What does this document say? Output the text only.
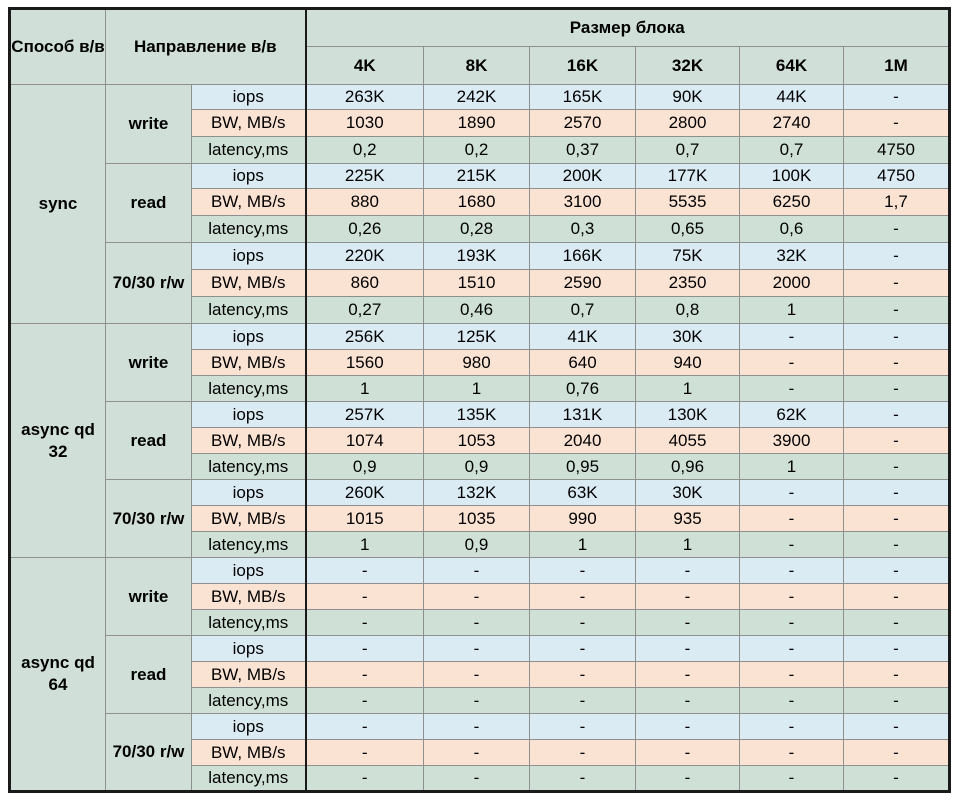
Способ в/в	Направление в/в		Размер блока					
			4K	8K	16K	32K	64K	1M
sync	write	iops	263K	242K	165K	90K	44K	-
		BW, MB/s	1030	1890	2570	2800	2740	-
		latency,ms	0,2	0,2	0,37	0,7	0,7	4750
	read	iops	225K	215K	200K	177K	100K	4750
		BW, MB/s	880	1680	3100	5535	6250	1,7
		latency,ms	0,26	0,28	0,3	0,65	0,6	-
	70/30 r/w	iops	220K	193K	166K	75K	32K	-
		BW, MB/s	860	1510	2590	2350	2000	-
		latency,ms	0,27	0,46	0,7	0,8	1	-
async qd 32	write	iops	256K	125K	41K	30K	-	-
		BW, MB/s	1560	980	640	940	-	-
		latency,ms	1	1	0,76	1	-	-
	read	iops	257K	135K	131K	130K	62K	-
		BW, MB/s	1074	1053	2040	4055	3900	-
		latency,ms	0,9	0,9	0,95	0,96	1	-
	70/30 r/w	iops	260K	132K	63K	30K	-	-
		BW, MB/s	1015	1035	990	935	-	-
		latency,ms	1	0,9	1	1	-	-
async qd 64	write	iops	-	-	-	-	-	-
		BW, MB/s	-	-	-	-	-	-
		latency,ms	-	-	-	-	-	-
	read	iops	-	-	-	-	-	-
		BW, MB/s	-	-	-	-	-	-
		latency,ms	-	-	-	-	-	-
	70/30 r/w	iops	-	-	-	-	-	-
		BW, MB/s	-	-	-	-	-	-
		latency,ms	-	-	-	-	-	-
